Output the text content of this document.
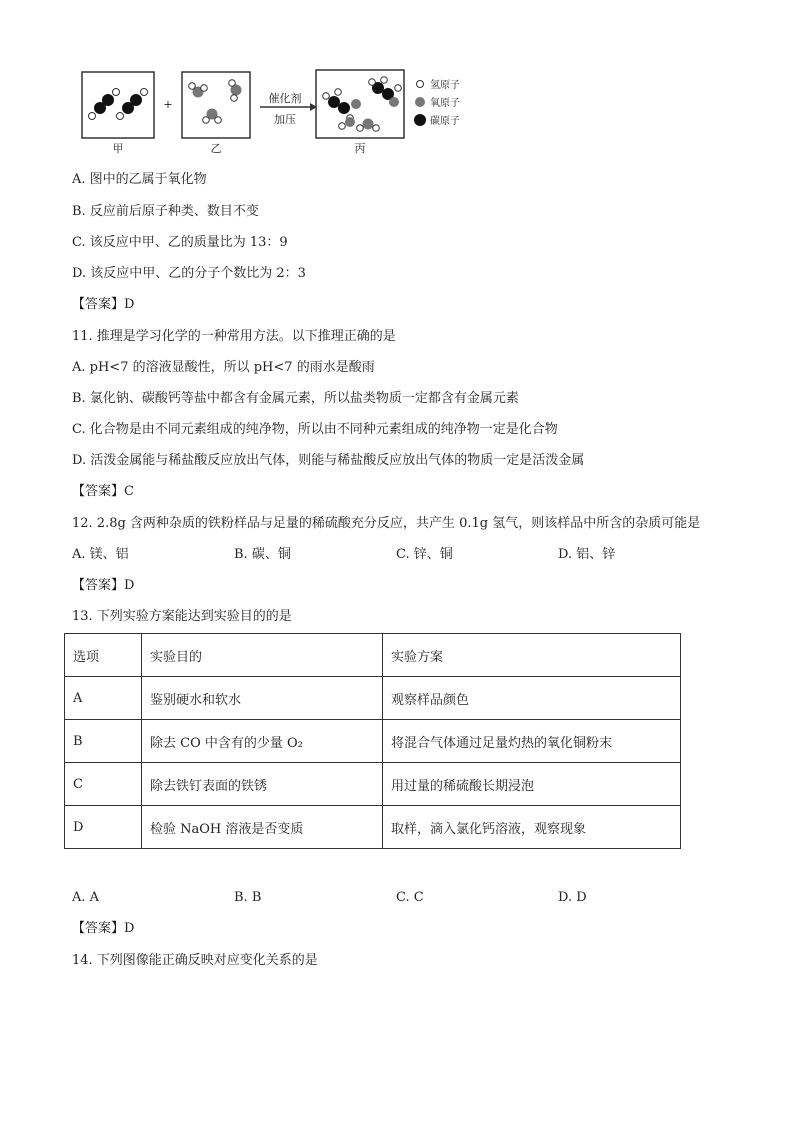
甲
+
乙
催化剂
加压
丙
氢原子
氧原子
碳原子
A. 图中的乙属于氧化物
B. 反应前后原子种类、数目不变
C. 该反应中甲、乙的质量比为 13：9
D. 该反应中甲、乙的分子个数比为 2：3
【答案】D
11. 推理是学习化学的一种常用方法。以下推理正确的是
A. pH<7 的溶液显酸性，所以 pH<7 的雨水是酸雨
B. 氯化钠、碳酸钙等盐中都含有金属元素，所以盐类物质一定都含有金属元素
C. 化合物是由不同元素组成的纯净物，所以由不同种元素组成的纯净物一定是化合物
D. 活泼金属能与稀盐酸反应放出气体，则能与稀盐酸反应放出气体的物质一定是活泼金属
【答案】C
12. 2.8g 含两种杂质的铁粉样品与足量的稀硫酸充分反应，共产生 0.1g 氢气，则该样品中所含的杂质可能是
A. 镁、铝	B. 碳、铜	C. 锌、铜	D. 铝、锌
【答案】D
13. 下列实验方案能达到实验目的的是
选项	实验目的	实验方案
A	鉴别硬水和软水	观察样品颜色
B	除去 CO 中含有的少量 O₂	将混合气体通过足量灼热的氧化铜粉末
C	除去铁钉表面的铁锈	用过量的稀硫酸长期浸泡
D	检验 NaOH 溶液是否变质	取样，滴入氯化钙溶液，观察现象
A. A	B. B	C. C	D. D
【答案】D
14. 下列图像能正确反映对应变化关系的是
